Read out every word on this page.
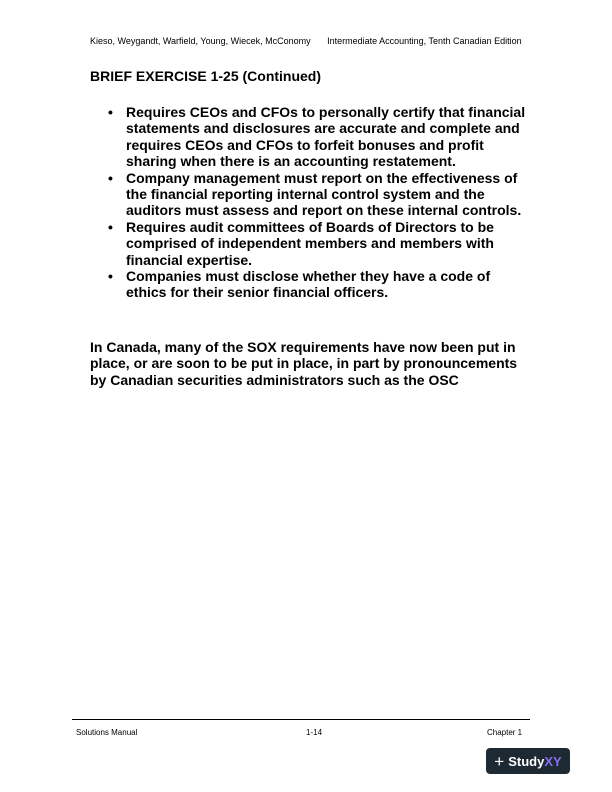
Kieso, Weygandt, Warfield, Young, Wiecek, McConomy Intermediate Accounting, Tenth Canadian Edition
BRIEF EXERCISE 1-25 (Continued)
• Requires CEOs and CFOs to personally certify that financial statements and disclosures are accurate and complete and requires CEOs and CFOs to forfeit bonuses and profit sharing when there is an accounting restatement.
• Company management must report on the effectiveness of the financial reporting internal control system and the auditors must assess and report on these internal controls.
• Requires audit committees of Boards of Directors to be comprised of independent members and members with financial expertise.
• Companies must disclose whether they have a code of ethics for their senior financial officers.

In Canada, many of the SOX requirements have now been put in place, or are soon to be put in place, in part by pronouncements by Canadian securities administrators such as the OSC

Solutions Manual	1-14	Chapter 1
+ Study XY
